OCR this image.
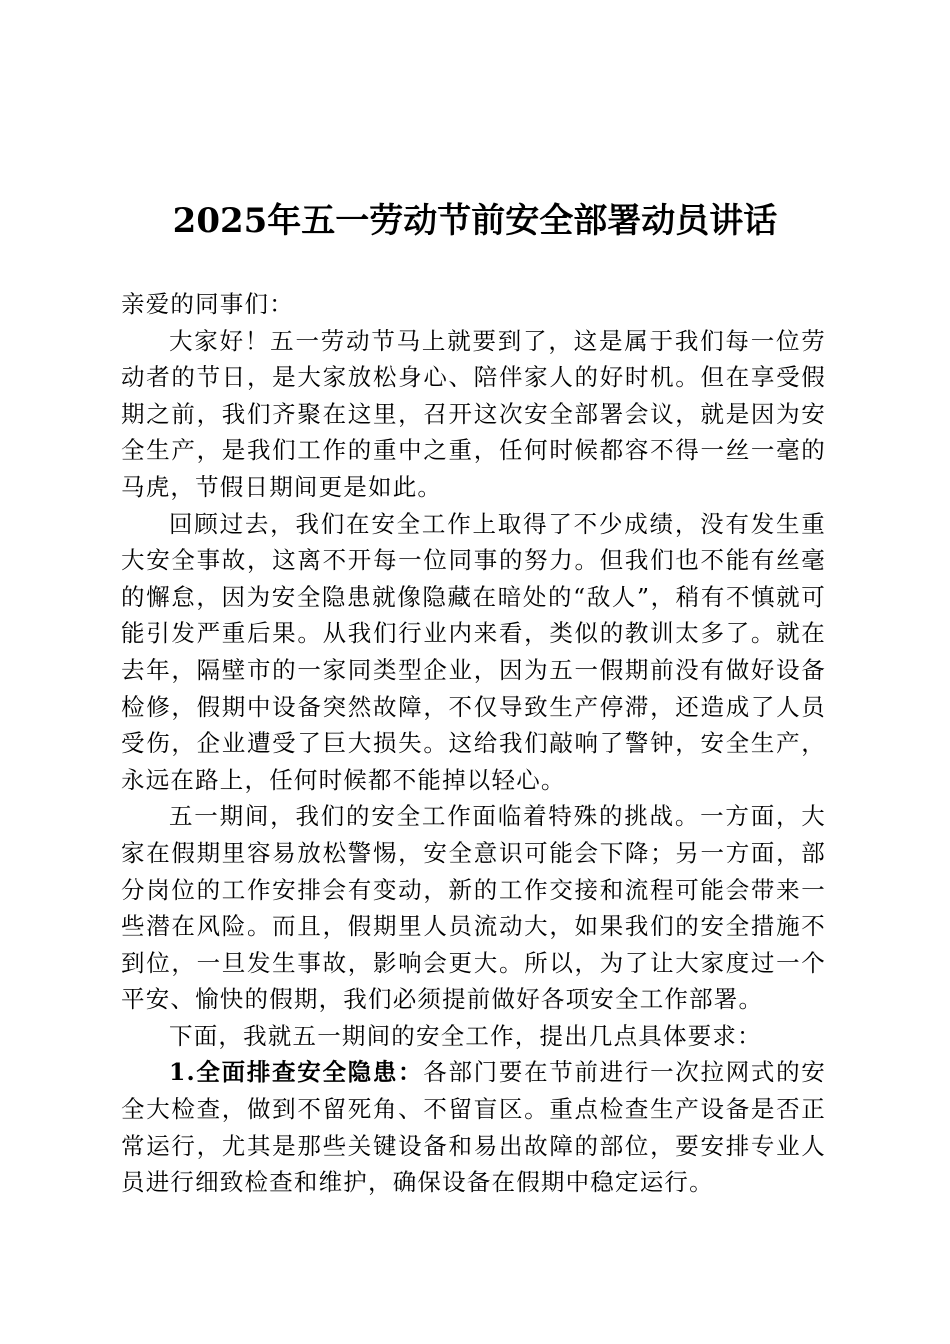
2025年五一劳动节前安全部署动员讲话

亲爱的同事们：

大家好！五一劳动节马上就要到了，这是属于我们每一位劳动者的节日，是大家放松身心、陪伴家人的好时机。但在享受假期之前，我们齐聚在这里，召开这次安全部署会议，就是因为安全生产，是我们工作的重中之重，任何时候都容不得一丝一毫的马虎，节假日期间更是如此。

回顾过去，我们在安全工作上取得了不少成绩，没有发生重大安全事故，这离不开每一位同事的努力。但我们也不能有丝毫的懈怠，因为安全隐患就像隐藏在暗处的“敌人”，稍有不慎就可能引发严重后果。从我们行业内来看，类似的教训太多了。就在去年，隔壁市的一家同类型企业，因为五一假期前没有做好设备检修，假期中设备突然故障，不仅导致生产停滞，还造成了人员受伤，企业遭受了巨大损失。这给我们敲响了警钟，安全生产，永远在路上，任何时候都不能掉以轻心。

五一期间，我们的安全工作面临着特殊的挑战。一方面，大家在假期里容易放松警惕，安全意识可能会下降；另一方面，部分岗位的工作安排会有变动，新的工作交接和流程可能会带来一些潜在风险。而且，假期里人员流动大，如果我们的安全措施不到位，一旦发生事故，影响会更大。所以，为了让大家度过一个平安、愉快的假期，我们必须提前做好各项安全工作部署。

下面，我就五一期间的安全工作，提出几点具体要求：

1.全面排查安全隐患：各部门要在节前进行一次拉网式的安全大检查，做到不留死角、不留盲区。重点检查生产设备是否正常运行，尤其是那些关键设备和易出故障的部位，要安排专业人员进行细致检查和维护，确保设备在假期中稳定运行。
